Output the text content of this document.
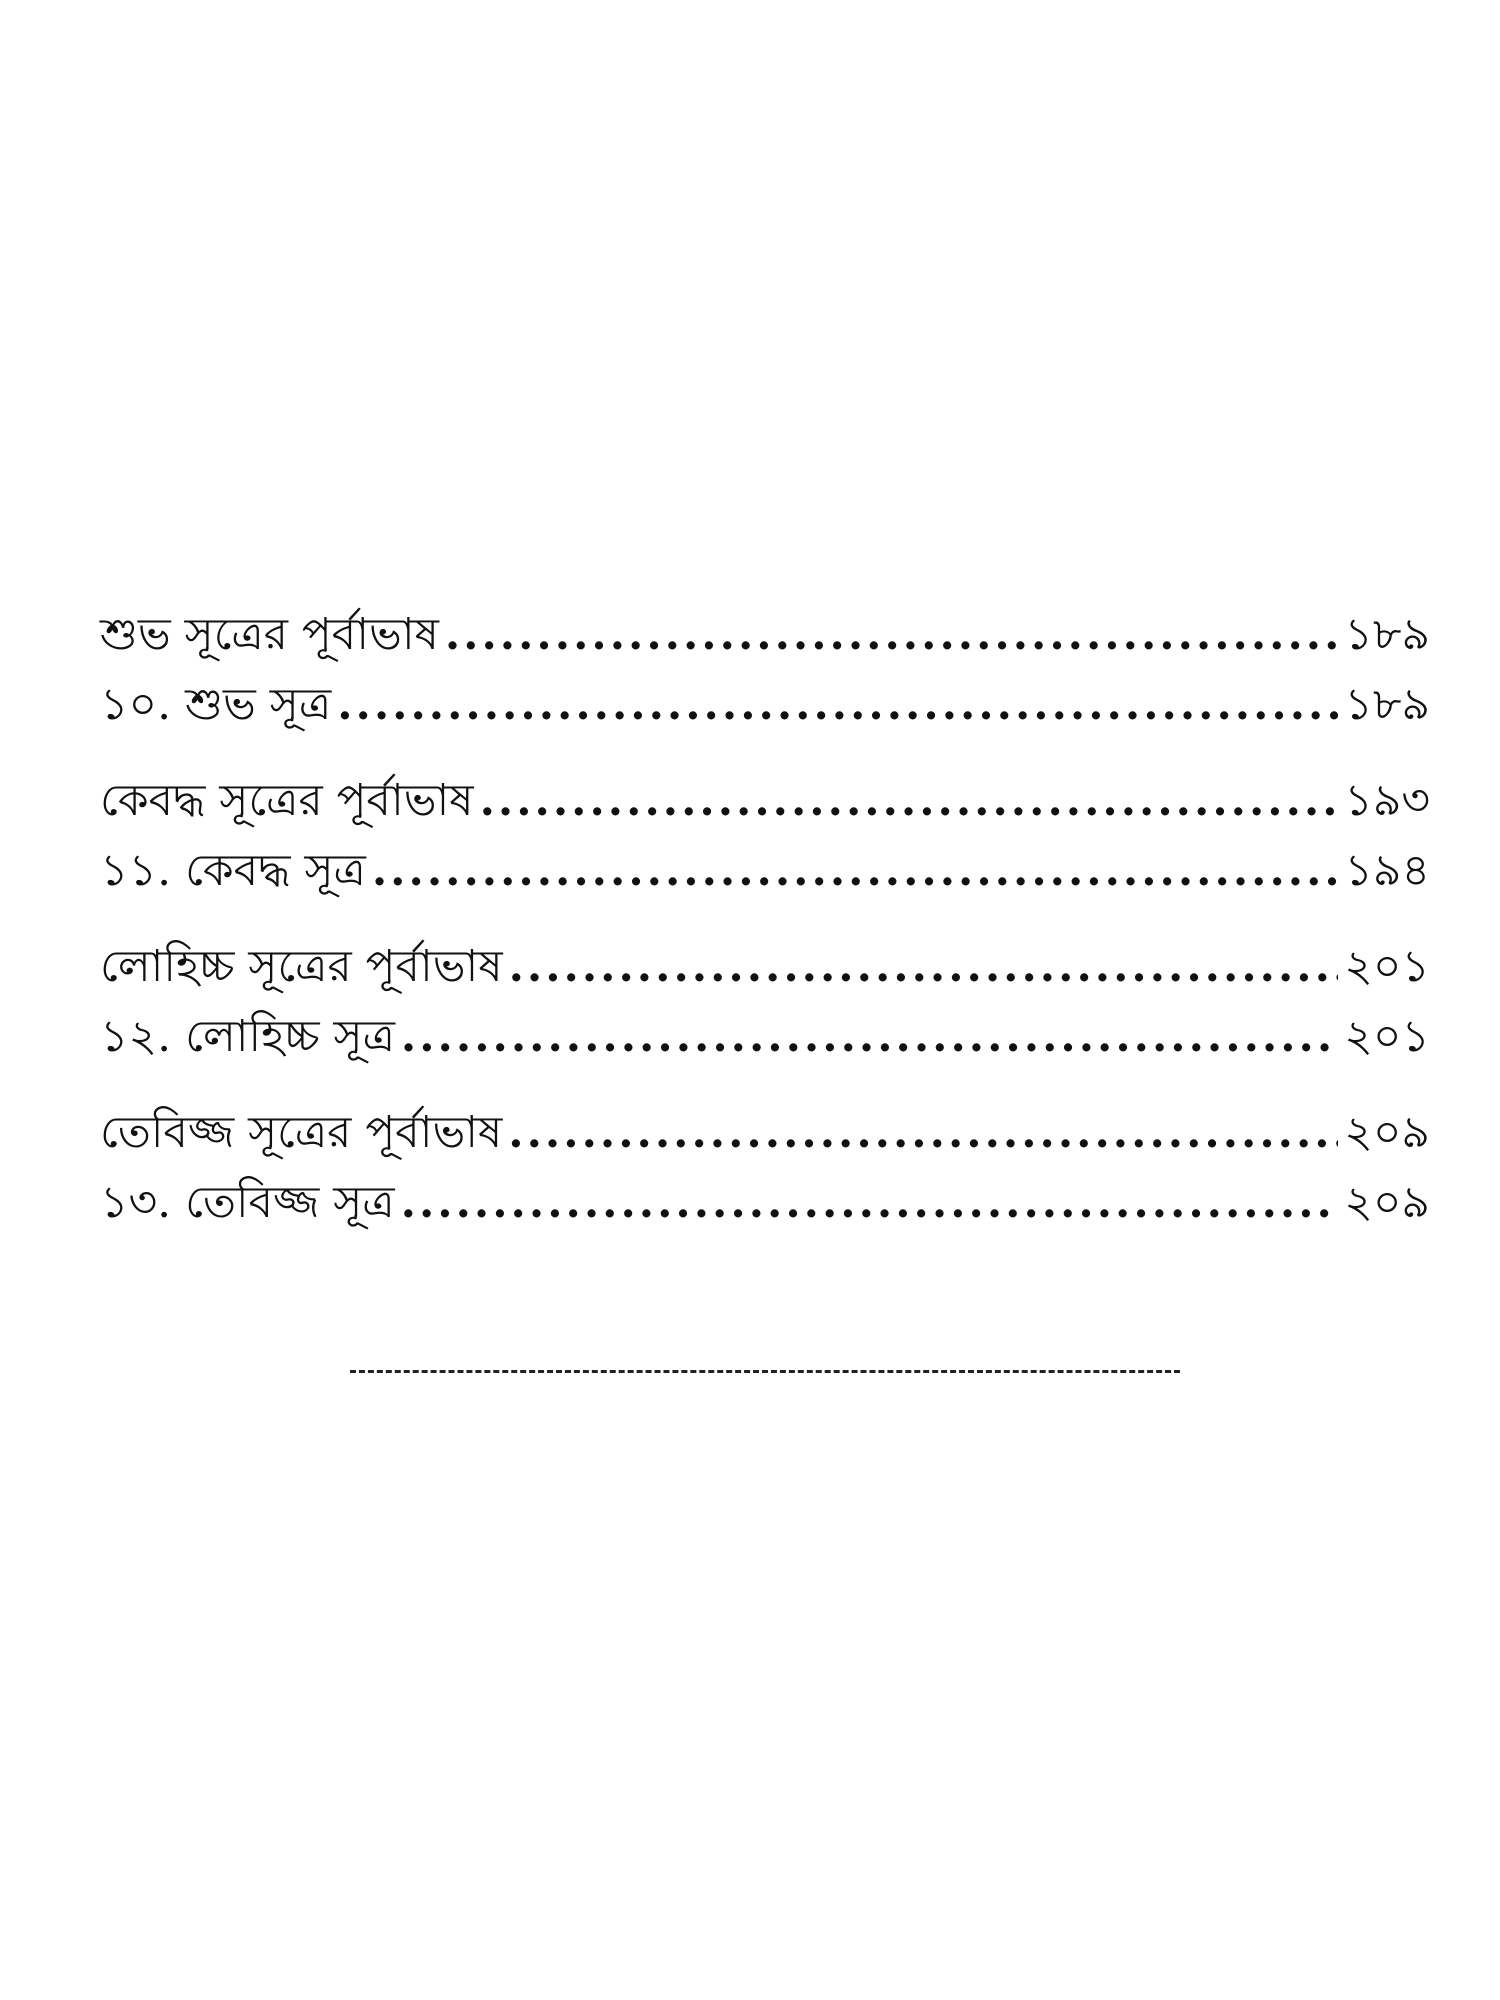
শুভ সূত্রের পূর্বাভাষ .....	১৮৯
১০. শুভ সূত্র .....	১৮৯
কেবদ্ধ সূত্রের পূর্বাভাষ .....	১৯৩
১১. কেবদ্ধ সূত্র .....	১৯৪
লোহিচ্চ সূত্রের পূর্বাভাষ .....	২০১
১২. লোহিচ্চ সূত্র .....	২০১
তেবিজ্জ সূত্রের পূর্বাভাষ .....	২০৯
১৩. তেবিজ্জ সূত্র .....	২০৯
